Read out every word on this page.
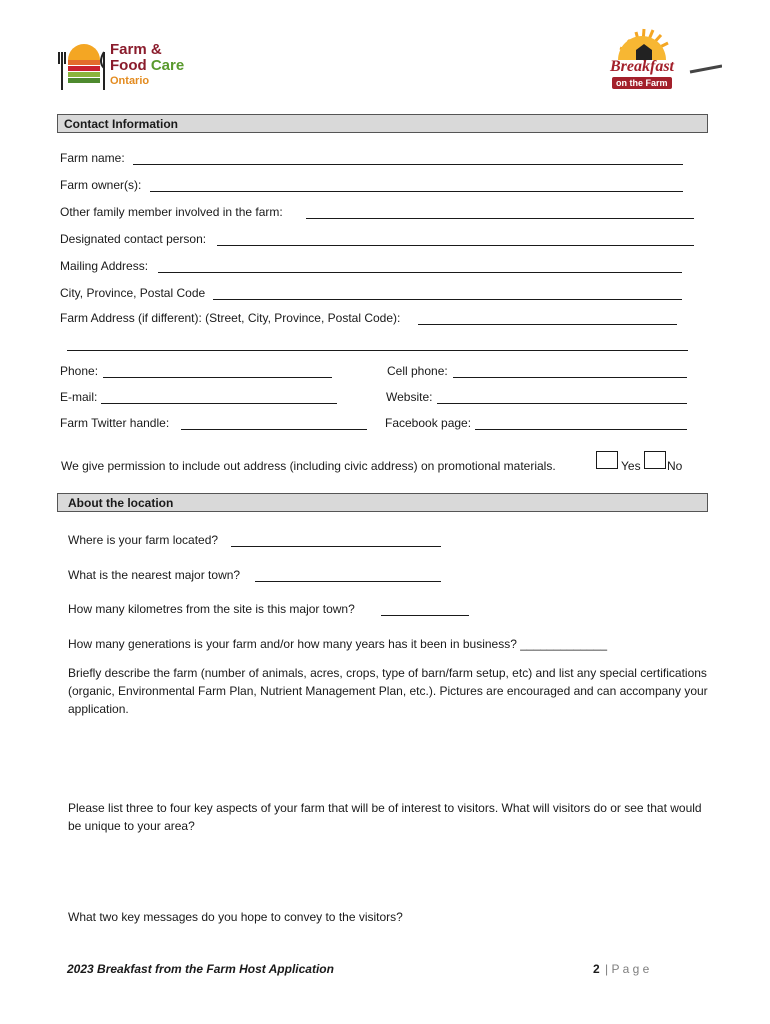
Farm &
Food Care
Ontario
Breakfast
on the Farm
Contact Information
Farm name:
Farm owner(s):
Other family member involved in the farm:
Designated contact person:
Mailing Address:
City, Province, Postal Code
Farm Address (if different): (Street, City, Province, Postal Code):
Phone:	Cell phone:
E-mail:	Website:
Farm Twitter handle:	Facebook page:
We give permission to include out address (including civic address) on promotional materials.	Yes No
About the location
Where is your farm located?
What is the nearest major town?
How many kilometres from the site is this major town?
How many generations is your farm and/or how many years has it been in business? _____________
Briefly describe the farm (number of animals, acres, crops, type of barn/farm setup, etc) and list any special certifications (organic, Environmental Farm Plan, Nutrient Management Plan, etc.). Pictures are encouraged and can accompany your application.
Please list three to four key aspects of your farm that will be of interest to visitors. What will visitors do or see that would be unique to your area?
What two key messages do you hope to convey to the visitors?
2023 Breakfast from the Farm Host Application	2 | P a g e
